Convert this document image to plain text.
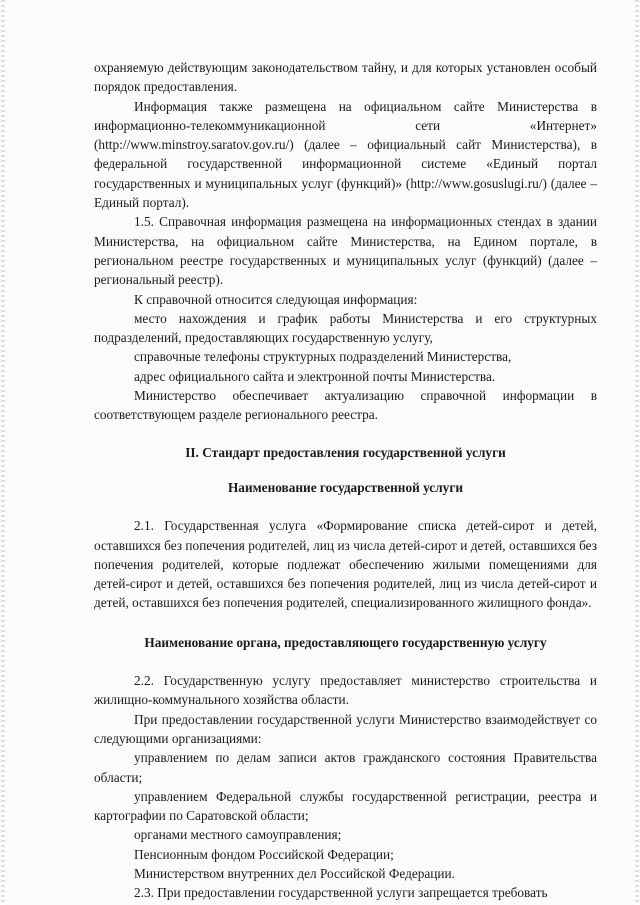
охраняемую действующим законодательством тайну, и для которых установлен особый порядок предоставления.

Информация также размещена на официальном сайте Министерства в информационно-телекоммуникационной сети «Интернет» (http://www.minstroy.saratov.gov.ru/) (далее – официальный сайт Министерства), в федеральной государственной информационной системе «Единый портал государственных и муниципальных услуг (функций)» (http://www.gosuslugi.ru/) (далее – Единый портал).

1.5. Справочная информация размещена на информационных стендах в здании Министерства, на официальном сайте Министерства, на Едином портале, в региональном реестре государственных и муниципальных услуг (функций) (далее – региональный реестр).

К справочной относится следующая информация:

место нахождения и график работы Министерства и его структурных подразделений, предоставляющих государственную услугу,

справочные телефоны структурных подразделений Министерства,

адрес официального сайта и электронной почты Министерства.

Министерство обеспечивает актуализацию справочной информации в соответствующем разделе регионального реестра.

II. Стандарт предоставления государственной услуги
Наименование государственной услуги

2.1. Государственная услуга «Формирование списка детей-сирот и детей, оставшихся без попечения родителей, лиц из числа детей-сирот и детей, оставшихся без попечения родителей, которые подлежат обеспечению жилыми помещениями для детей-сирот и детей, оставшихся без попечения родителей, лиц из числа детей-сирот и детей, оставшихся без попечения родителей, специализированного жилищного фонда».

Наименование органа, предоставляющего государственную услугу

2.2. Государственную услугу предоставляет министерство строительства и жилищно-коммунального хозяйства области.

При предоставлении государственной услуги Министерство взаимодействует со следующими организациями:

управлением по делам записи актов гражданского состояния Правительства области;

управлением Федеральной службы государственной регистрации, реестра и картографии по Саратовской области;

органами местного самоуправления;

Пенсионным фондом Российской Федерации;

Министерством внутренних дел Российской Федерации.

2.3. При предоставлении государственной услуги запрещается требовать
